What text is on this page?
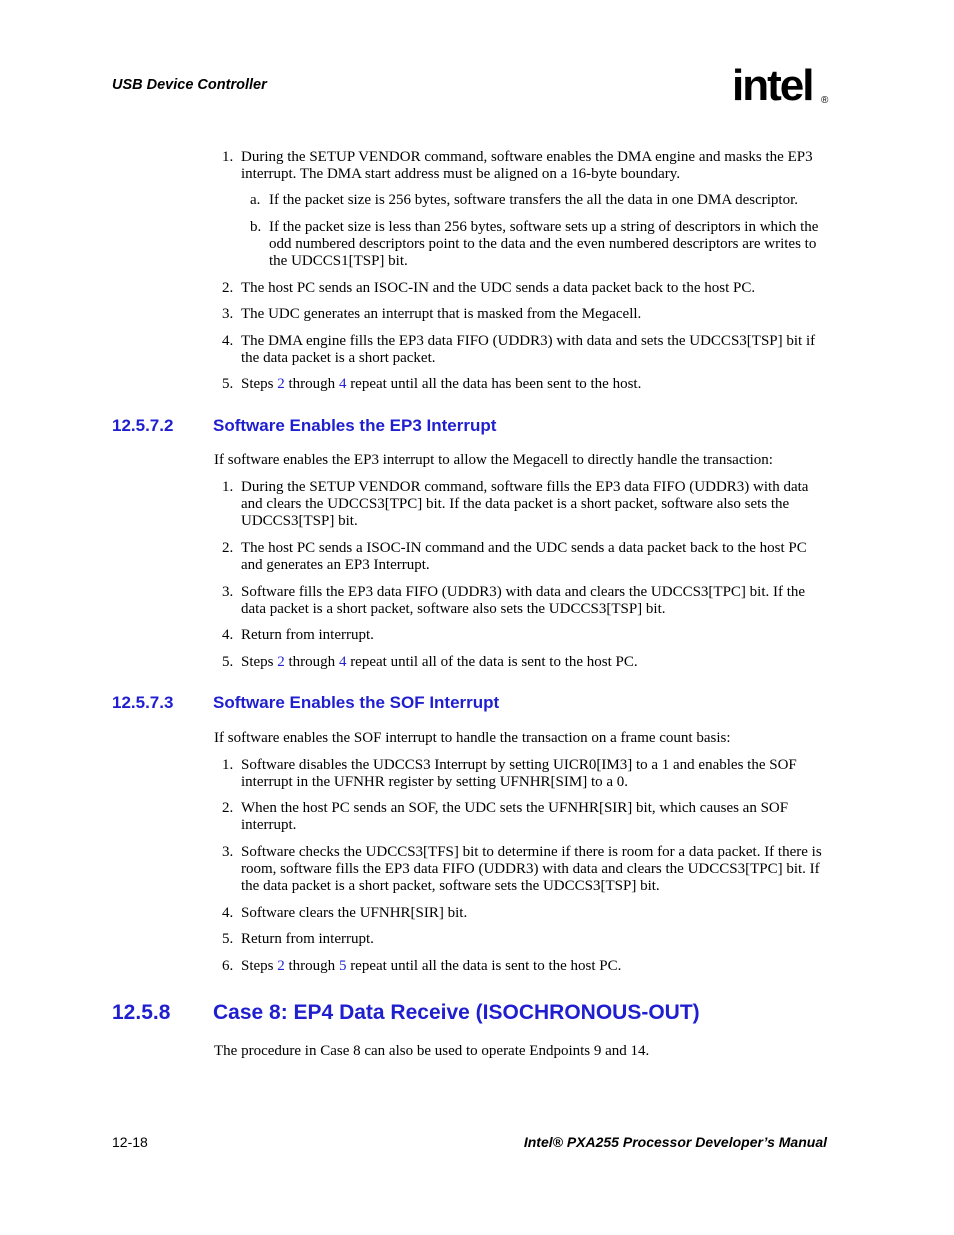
USB Device Controller	intel ®
1. During the SETUP VENDOR command, software enables the DMA engine and masks the EP3 interrupt. The DMA start address must be aligned on a 16-byte boundary.
a. If the packet size is 256 bytes, software transfers the all the data in one DMA descriptor.
b. If the packet size is less than 256 bytes, software sets up a string of descriptors in which the odd numbered descriptors point to the data and the even numbered descriptors are writes to the UDCCS1[TSP] bit.
2. The host PC sends an ISOC-IN and the UDC sends a data packet back to the host PC.
3. The UDC generates an interrupt that is masked from the Megacell.
4. The DMA engine fills the EP3 data FIFO (UDDR3) with data and sets the UDCCS3[TSP] bit if the data packet is a short packet.
5. Steps 2 through 4 repeat until all the data has been sent to the host.
12.5.7.2 Software Enables the EP3 Interrupt
If software enables the EP3 interrupt to allow the Megacell to directly handle the transaction:
1. During the SETUP VENDOR command, software fills the EP3 data FIFO (UDDR3) with data and clears the UDCCS3[TPC] bit. If the data packet is a short packet, software also sets the UDCCS3[TSP] bit.
2. The host PC sends a ISOC-IN command and the UDC sends a data packet back to the host PC and generates an EP3 Interrupt.
3. Software fills the EP3 data FIFO (UDDR3) with data and clears the UDCCS3[TPC] bit. If the data packet is a short packet, software also sets the UDCCS3[TSP] bit.
4. Return from interrupt.
5. Steps 2 through 4 repeat until all of the data is sent to the host PC.
12.5.7.3 Software Enables the SOF Interrupt
If software enables the SOF interrupt to handle the transaction on a frame count basis:
1. Software disables the UDCCS3 Interrupt by setting UICR0[IM3] to a 1 and enables the SOF interrupt in the UFNHR register by setting UFNHR[SIM] to a 0.
2. When the host PC sends an SOF, the UDC sets the UFNHR[SIR] bit, which causes an SOF interrupt.
3. Software checks the UDCCS3[TFS] bit to determine if there is room for a data packet. If there is room, software fills the EP3 data FIFO (UDDR3) with data and clears the UDCCS3[TPC] bit. If the data packet is a short packet, software sets the UDCCS3[TSP] bit.
4. Software clears the UFNHR[SIR] bit.
5. Return from interrupt.
6. Steps 2 through 5 repeat until all the data is sent to the host PC.
12.5.8 Case 8: EP4 Data Receive (ISOCHRONOUS-OUT)
The procedure in Case 8 can also be used to operate Endpoints 9 and 14.
12-18	Intel® PXA255 Processor Developer’s Manual
